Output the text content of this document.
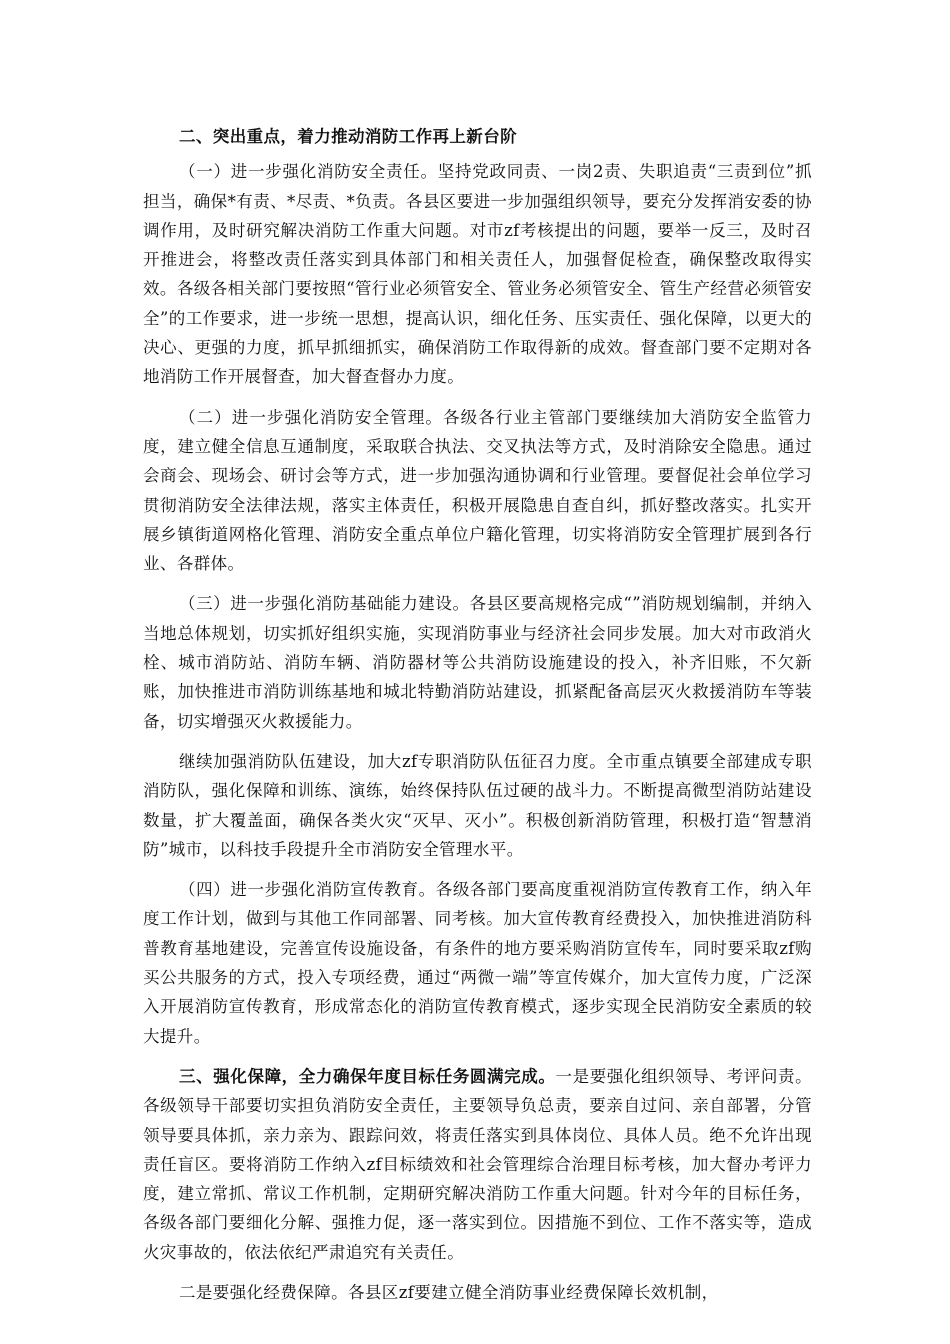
二、突出重点，着力推动消防工作再上新台阶

（一）进一步强化消防安全责任。坚持党政同责、一岗2责、失职追责“三责到位”抓担当，确保*有责、*尽责、*负责。各县区要进一步加强组织领导，要充分发挥消安委的协调作用，及时研究解决消防工作重大问题。对市zf考核提出的问题，要举一反三，及时召开推进会，将整改责任落实到具体部门和相关责任人，加强督促检查，确保整改取得实效。各级各相关部门要按照“管行业必须管安全、管业务必须管安全、管生产经营必须管安全”的工作要求，进一步统一思想，提高认识，细化任务、压实责任、强化保障，以更大的决心、更强的力度，抓早抓细抓实，确保消防工作取得新的成效。督查部门要不定期对各地消防工作开展督查，加大督查督办力度。

（二）进一步强化消防安全管理。各级各行业主管部门要继续加大消防安全监管力度，建立健全信息互通制度，采取联合执法、交叉执法等方式，及时消除安全隐患。通过会商会、现场会、研讨会等方式，进一步加强沟通协调和行业管理。要督促社会单位学习贯彻消防安全法律法规，落实主体责任，积极开展隐患自查自纠，抓好整改落实。扎实开展乡镇街道网格化管理、消防安全重点单位户籍化管理，切实将消防安全管理扩展到各行业、各群体。

（三）进一步强化消防基础能力建设。各县区要高规格完成“”消防规划编制，并纳入当地总体规划，切实抓好组织实施，实现消防事业与经济社会同步发展。加大对市政消火栓、城市消防站、消防车辆、消防器材等公共消防设施建设的投入，补齐旧账，不欠新账，加快推进市消防训练基地和城北特勤消防站建设，抓紧配备高层灭火救援消防车等装备，切实增强灭火救援能力。

继续加强消防队伍建设，加大zf专职消防队伍征召力度。全市重点镇要全部建成专职消防队，强化保障和训练、演练，始终保持队伍过硬的战斗力。不断提高微型消防站建设数量，扩大覆盖面，确保各类火灾“灭早、灭小”。积极创新消防管理，积极打造“智慧消防”城市，以科技手段提升全市消防安全管理水平。

（四）进一步强化消防宣传教育。各级各部门要高度重视消防宣传教育工作，纳入年度工作计划，做到与其他工作同部署、同考核。加大宣传教育经费投入，加快推进消防科普教育基地建设，完善宣传设施设备，有条件的地方要采购消防宣传车，同时要采取zf购买公共服务的方式，投入专项经费，通过“两微一端”等宣传媒介，加大宣传力度，广泛深入开展消防宣传教育，形成常态化的消防宣传教育模式，逐步实现全民消防安全素质的较大提升。

三、强化保障，全力确保年度目标任务圆满完成。一是要强化组织领导、考评问责。各级领导干部要切实担负消防安全责任，主要领导负总责，要亲自过问、亲自部署，分管领导要具体抓，亲力亲为、跟踪问效，将责任落实到具体岗位、具体人员。绝不允许出现责任盲区。要将消防工作纳入zf目标绩效和社会管理综合治理目标考核，加大督办考评力度，建立常抓、常议工作机制，定期研究解决消防工作重大问题。针对今年的目标任务，各级各部门要细化分解、强推力促，逐一落实到位。因措施不到位、工作不落实等，造成火灾事故的，依法依纪严肃追究有关责任。

二是要强化经费保障。各县区zf要建立健全消防事业经费保障长效机制，
